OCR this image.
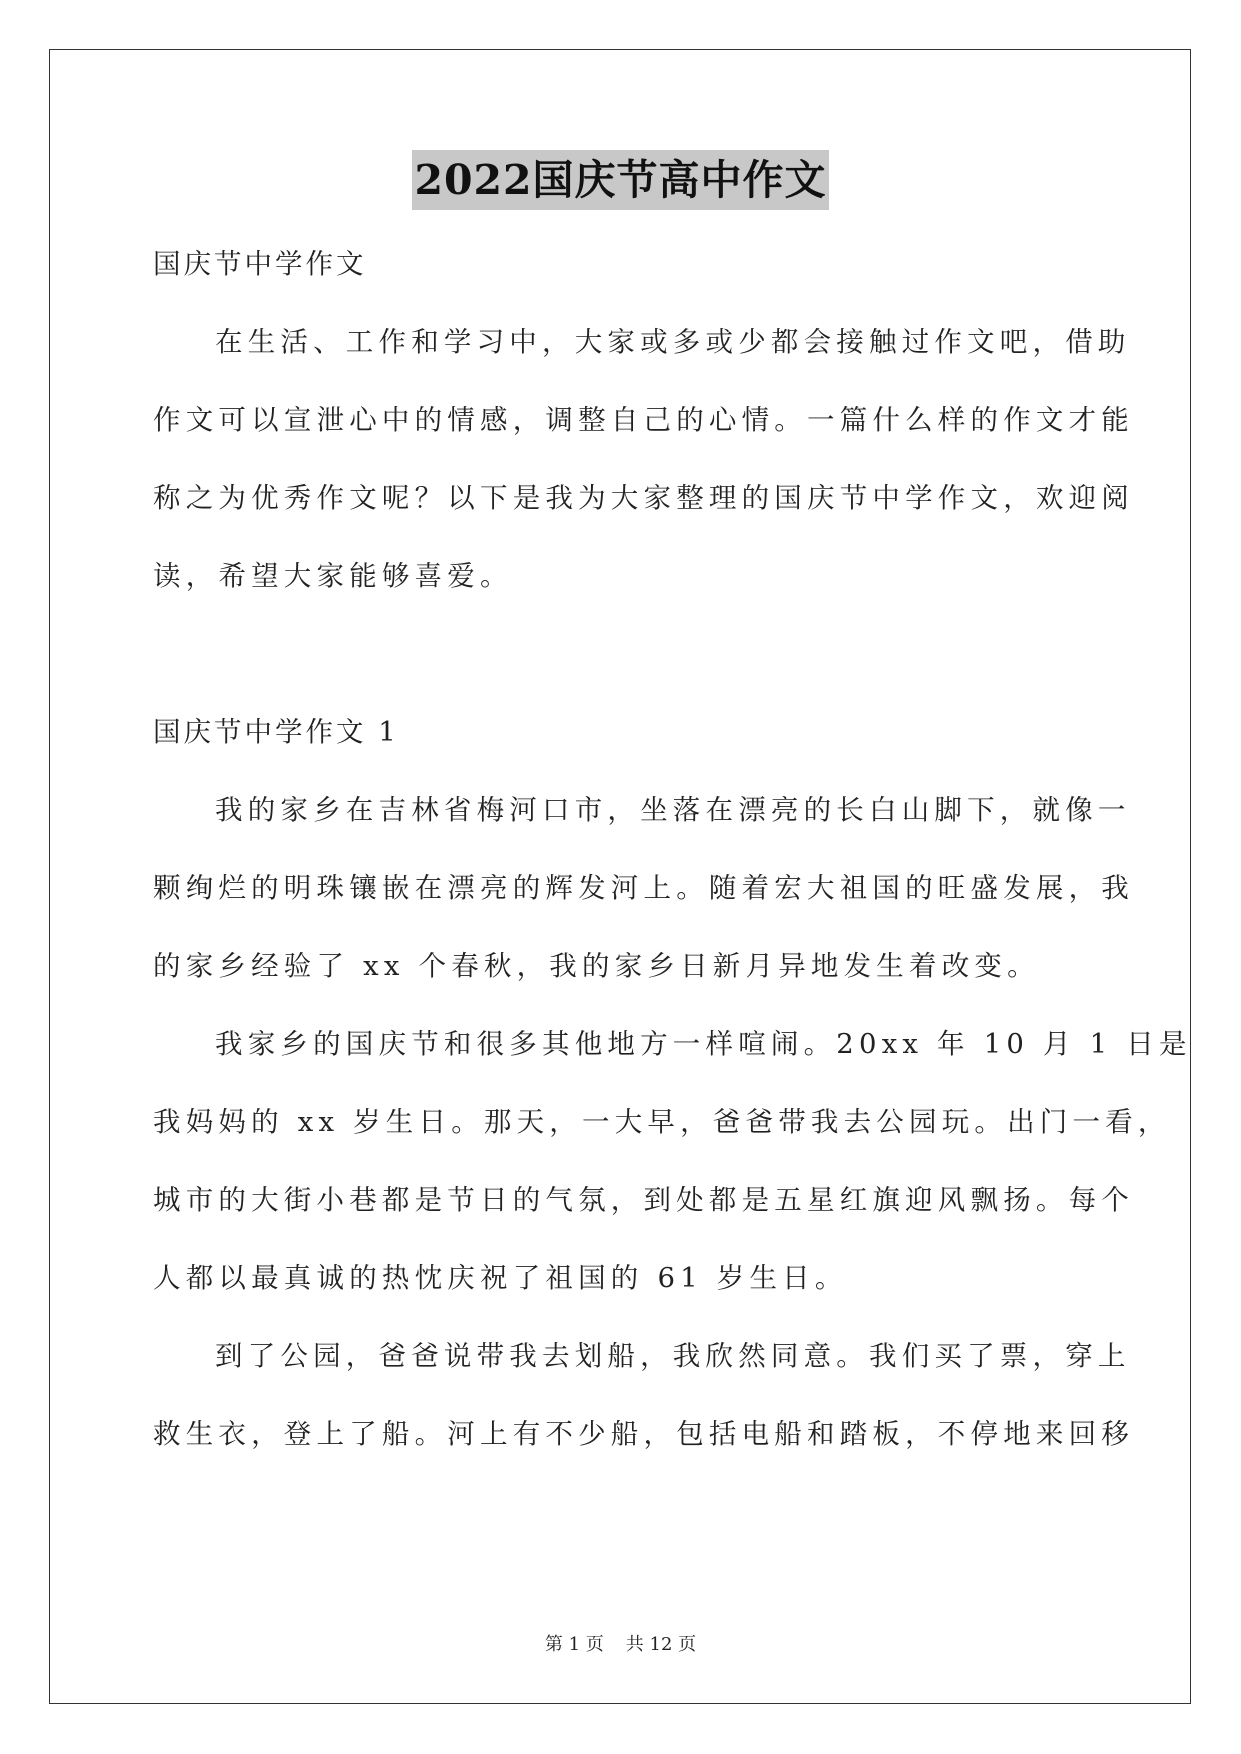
2022国庆节高中作文
国庆节中学作文
在生活、工作和学习中，大家或多或少都会接触过作文吧，借助
作文可以宣泄心中的情感，调整自己的心情。一篇什么样的作文才能
称之为优秀作文呢？以下是我为大家整理的国庆节中学作文，欢迎阅
读，希望大家能够喜爱。
国庆节中学作文 1
我的家乡在吉林省梅河口市，坐落在漂亮的长白山脚下，就像一
颗绚烂的明珠镶嵌在漂亮的辉发河上。随着宏大祖国的旺盛发展，我
的家乡经验了 xx 个春秋，我的家乡日新月异地发生着改变。
我家乡的国庆节和很多其他地方一样喧闹。20xx 年 10 月 1 日是
我妈妈的 xx 岁生日。那天，一大早，爸爸带我去公园玩。出门一看，
城市的大街小巷都是节日的气氛，到处都是五星红旗迎风飘扬。每个
人都以最真诚的热忱庆祝了祖国的 61 岁生日。
到了公园，爸爸说带我去划船，我欣然同意。我们买了票，穿上
救生衣，登上了船。河上有不少船，包括电船和踏板，不停地来回移
第 1 页 共 12 页
